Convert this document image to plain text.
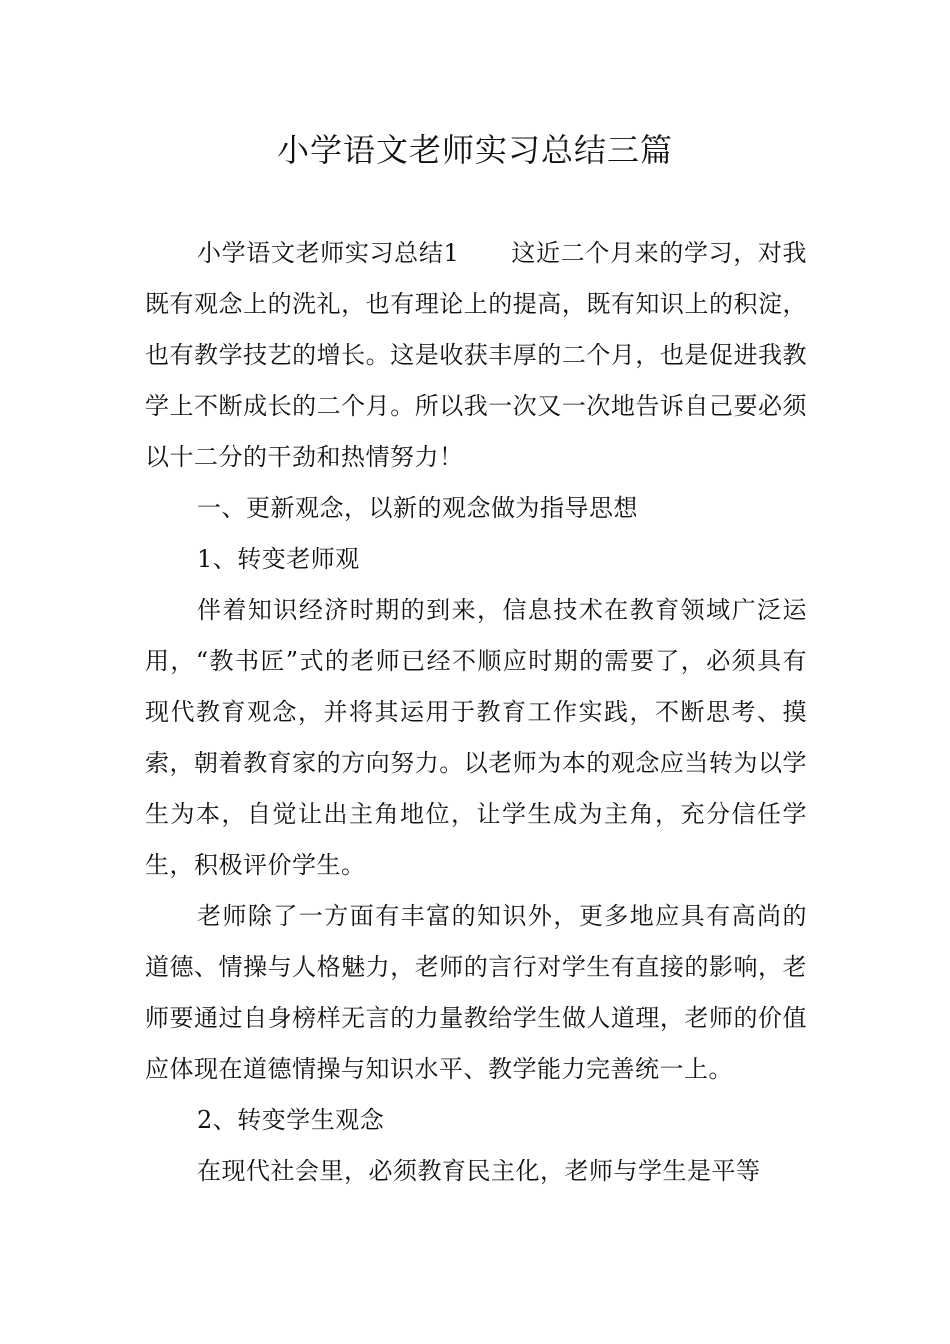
小学语文老师实习总结三篇

小学语文老师实习总结1 这近二个月来的学习，对我既有观念上的洗礼，也有理论上的提高，既有知识上的积淀，也有教学技艺的增长。这是收获丰厚的二个月，也是促进我教学上不断成长的二个月。所以我一次又一次地告诉自己要必须以十二分的干劲和热情努力！

一、更新观念，以新的观念做为指导思想

1、转变老师观

伴着知识经济时期的到来，信息技术在教育领域广泛运用，“教书匠”式的老师已经不顺应时期的需要了，必须具有现代教育观念，并将其运用于教育工作实践，不断思考、摸索，朝着教育家的方向努力。以老师为本的观念应当转为以学生为本，自觉让出主角地位，让学生成为主角，充分信任学生，积极评价学生。

老师除了一方面有丰富的知识外，更多地应具有高尚的道德、情操与人格魅力，老师的言行对学生有直接的影响，老师要通过自身榜样无言的力量教给学生做人道理，老师的价值应体现在道德情操与知识水平、教学能力完善统一上。

2、转变学生观念

在现代社会里，必须教育民主化，老师与学生是平等
